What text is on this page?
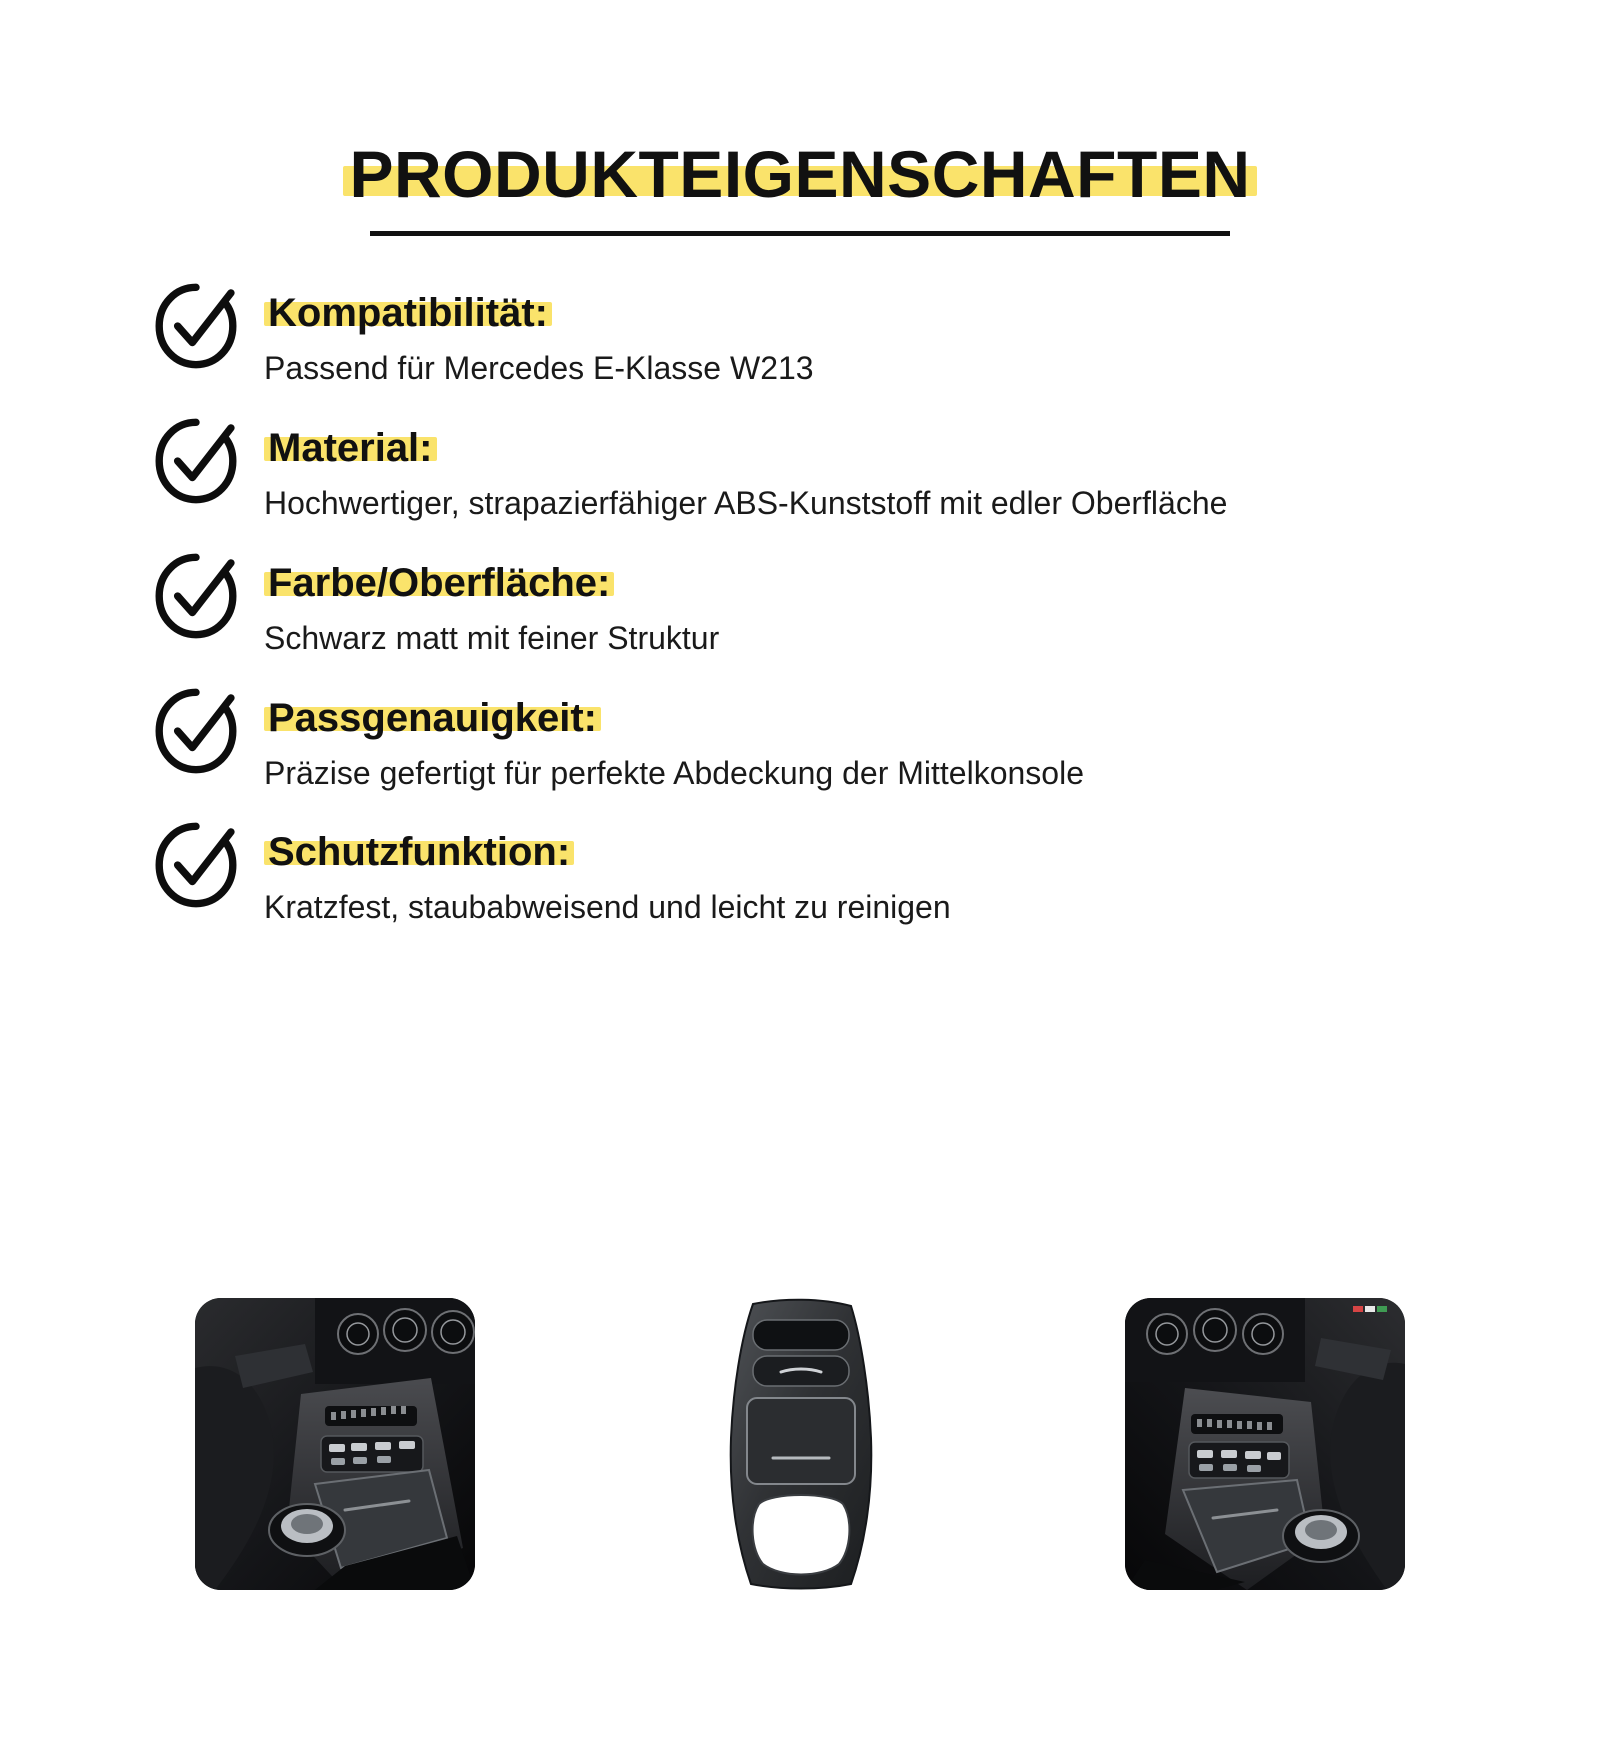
PRODUKTEIGENSCHAFTEN
Kompatibilität:
Passend für Mercedes E-Klasse W213
Material:
Hochwertiger, strapazierfähiger ABS-Kunststoff mit edler Oberfläche
Farbe/Oberfläche:
Schwarz matt mit feiner Struktur
Passgenauigkeit:
Präzise gefertigt für perfekte Abdeckung der Mittelkonsole
Schutzfunktion:
Kratzfest, staubabweisend und leicht zu reinigen
